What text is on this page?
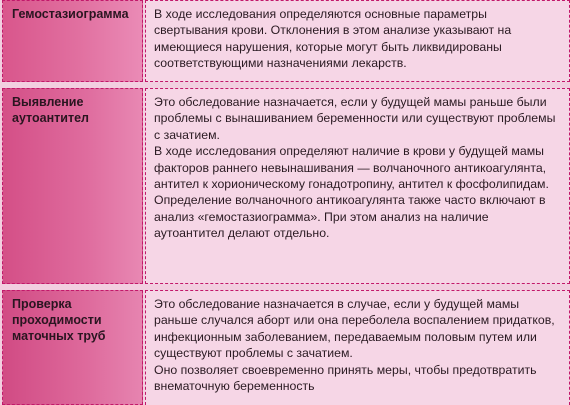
Гемостазиограмма	В ходе исследования определяются основные параметры свертывания крови. Отклонения в этом анализе указывают на имеющиеся нарушения, которые могут быть ликвидированы соответствующими назначениями лекарств.

Выявление аутоантител

Это обследование назначается, если у будущей мамы раньше были проблемы с вынашиванием беременности или существуют проблемы с зачатием.

В ходе исследования определяют наличие в крови у будущей мамы факторов раннего невынашивания — волчаночного антикоагулянта, антител к хорионическому гонадотропину, антител к фосфолипидам.

Определение волчаночного антикоагулянта также часто включают в анализ «гемостазиограмма». При этом анализ на наличие аутоантител делают отдельно.

Проверка проходимости маточных труб

Это обследование назначается в случае, если у будущей мамы раньше случался аборт или она переболела воспалением придатков, инфекционным заболеванием, передаваемым половым путем или существуют проблемы с зачатием.

Оно позволяет своевременно принять меры, чтобы предотвратить внематочную беременность
